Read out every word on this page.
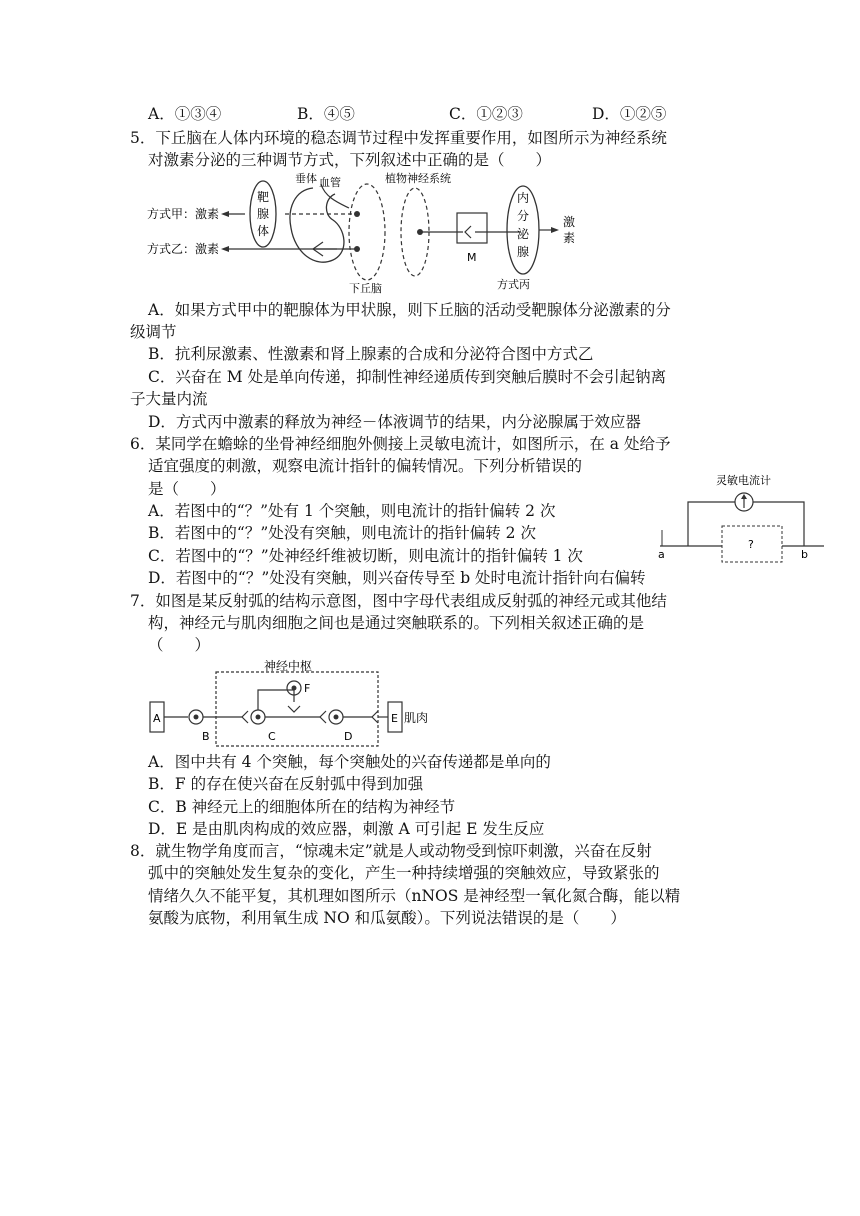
A．①③④	B．④⑤	C．①②③	D．①②⑤
5．下丘脑在人体内环境的稳态调节过程中发挥重要作用，如图所示为神经系统
对激素分泌的三种调节方式，下列叙述中正确的是（　　）
靶
腺
体
方式甲：激素
方式乙：激素
垂体 血管
下丘脑
植物神经系统
M
内
分
泌
腺
方式丙
激
素
A．如果方式甲中的靶腺体为甲状腺，则下丘脑的活动受靶腺体分泌激素的分
级调节
B．抗利尿激素、性激素和肾上腺素的合成和分泌符合图中方式乙
C．兴奋在 M 处是单向传递，抑制性神经递质传到突触后膜时不会引起钠离
子大量内流
D．方式丙中激素的释放为神经－体液调节的结果，内分泌腺属于效应器
6．某同学在蟾蜍的坐骨神经细胞外侧接上灵敏电流计，如图所示，在 a 处给予
适宜强度的刺激，观察电流计指针的偏转情况。下列分析错误的
是（　　）
A．若图中的“？”处有 1 个突触，则电流计的指针偏转 2 次
B．若图中的“？”处没有突触，则电流计的指针偏转 2 次
C．若图中的“？”处神经纤维被切断，则电流计的指针偏转 1 次
D．若图中的“？”处没有突触，则兴奋传导至 b 处时电流计指针向右偏转
灵敏电流计
a
?
b
7．如图是某反射弧的结构示意图，图中字母代表组成反射弧的神经元或其他结
构，神经元与肌肉细胞之间也是通过突触联系的。下列相关叙述正确的是
（　　）
神经中枢
A
B	C
F
D
E 肌肉
A．图中共有 4 个突触，每个突触处的兴奋传递都是单向的
B．F 的存在使兴奋在反射弧中得到加强
C．B 神经元上的细胞体所在的结构为神经节
D．E 是由肌肉构成的效应器，刺激 A 可引起 E 发生反应
8．就生物学角度而言，“惊魂未定”就是人或动物受到惊吓刺激，兴奋在反射
弧中的突触处发生复杂的变化，产生一种持续增强的突触效应，导致紧张的
情绪久久不能平复，其机理如图所示（nNOS 是神经型一氧化氮合酶，能以精
氨酸为底物，利用氧生成 NO 和瓜氨酸）。下列说法错误的是（　　）
